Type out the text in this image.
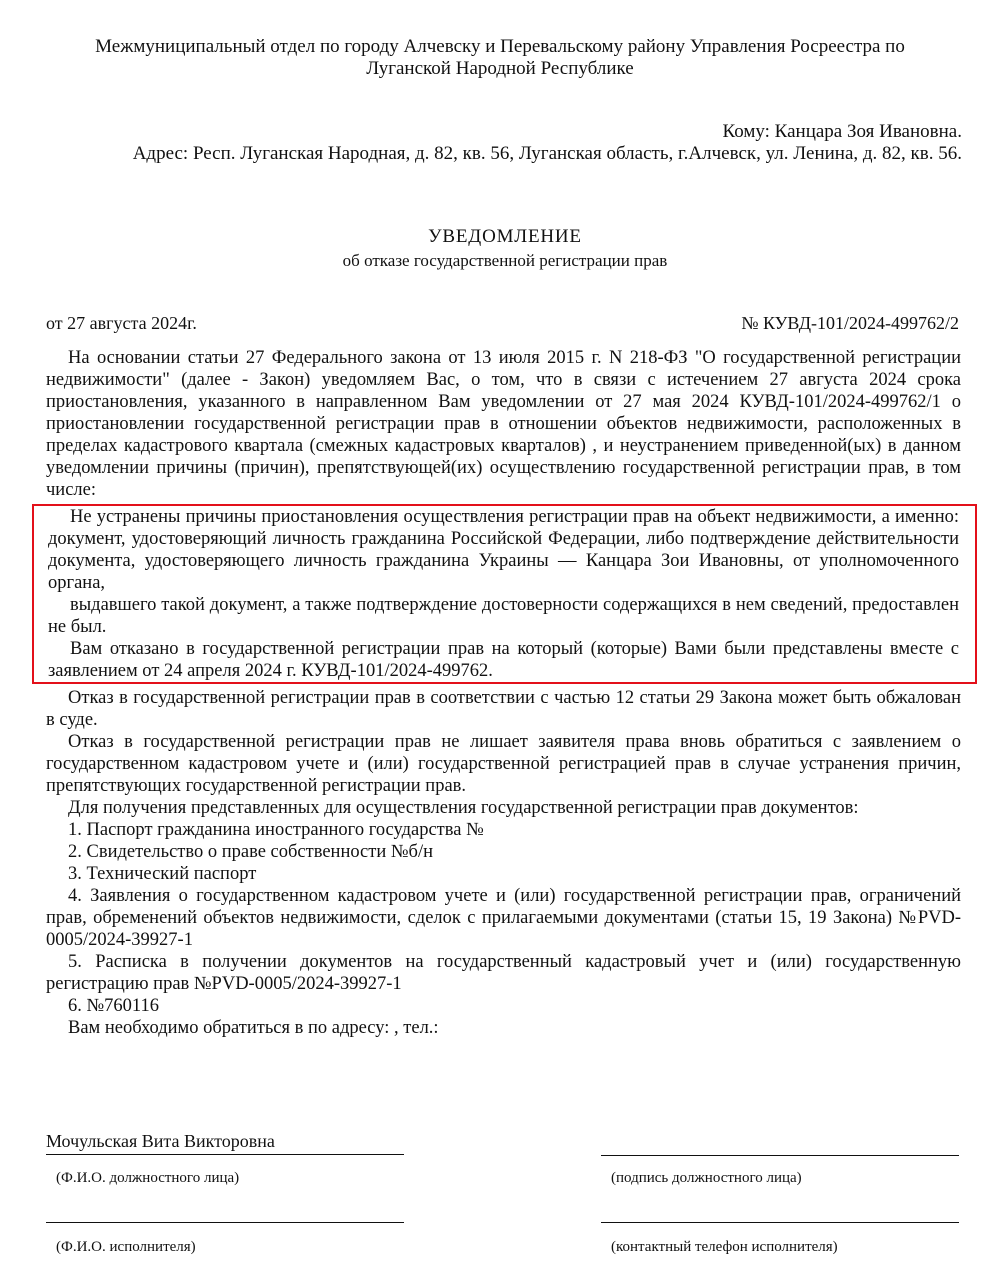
Межмуниципальный отдел по городу Алчевску и Перевальскому району Управления Росреестра по
Луганской Народной Республике
Кому: Канцара Зоя Ивановна.
Адрес: Респ. Луганская Народная, д. 82, кв. 56, Луганская область, г.Алчевск, ул. Ленина, д. 82, кв. 56.
УВЕДОМЛЕНИЕ
об отказе государственной регистрации прав
от 27 августа 2024г.	№ КУВД-101/2024-499762/2

На основании статьи 27 Федерального закона от 13 июля 2015 г. N 218-ФЗ "О государственной регистрации недвижимости" (далее - Закон) уведомляем Вас, о том, что в связи с истечением 27 августа 2024 срока приостановления, указанного в направленном Вам уведомлении от 27 мая 2024 КУВД-101/2024-499762/1 о приостановлении государственной регистрации прав в отношении объектов недвижимости, расположенных в пределах кадастрового квартала (смежных кадастровых кварталов) , и неустранением приведенной(ых) в данном уведомлении причины (причин), препятствующей(их) осуществлению государственной регистрации прав, в том числе:

Не устранены причины приостановления осуществления регистрации прав на объект недвижимости, а именно: документ, удостоверяющий личность гражданина Российской Федерации, либо подтверждение действительности документа, удостоверяющего личность гражданина Украины — Канцара Зои Ивановны, от уполномоченного органа,

выдавшего такой документ, а также подтверждение достоверности содержащихся в нем сведений, предоставлен не был.

Вам отказано в государственной регистрации прав на который (которые) Вами были представлены вместе с заявлением от 24 апреля 2024 г. КУВД-101/2024-499762.

Отказ в государственной регистрации прав в соответствии с частью 12 статьи 29 Закона может быть обжалован в суде.

Отказ в государственной регистрации прав не лишает заявителя права вновь обратиться с заявлением о государственном кадастровом учете и (или) государственной регистрацией прав в случае устранения причин, препятствующих государственной регистрации прав.

Для получения представленных для осуществления государственной регистрации прав документов:

1. Паспорт гражданина иностранного государства №

2. Свидетельство о праве собственности №б/н

3. Технический паспорт

4. Заявления о государственном кадастровом учете и (или) государственной регистрации прав, ограничений прав, обременений объектов недвижимости, сделок с прилагаемыми документами (статьи 15, 19 Закона) №PVD-0005/2024-39927-1

5. Расписка в получении документов на государственный кадастровый учет и (или) государственную регистрацию прав №PVD-0005/2024-39927-1

6. №760116

Вам необходимо обратиться в по адресу: , тел.:

Мочульская Вита Викторовна
(Ф.И.О. должностного лица)	(подпись должностного лица)
(Ф.И.О. исполнителя)	(контактный телефон исполнителя)
